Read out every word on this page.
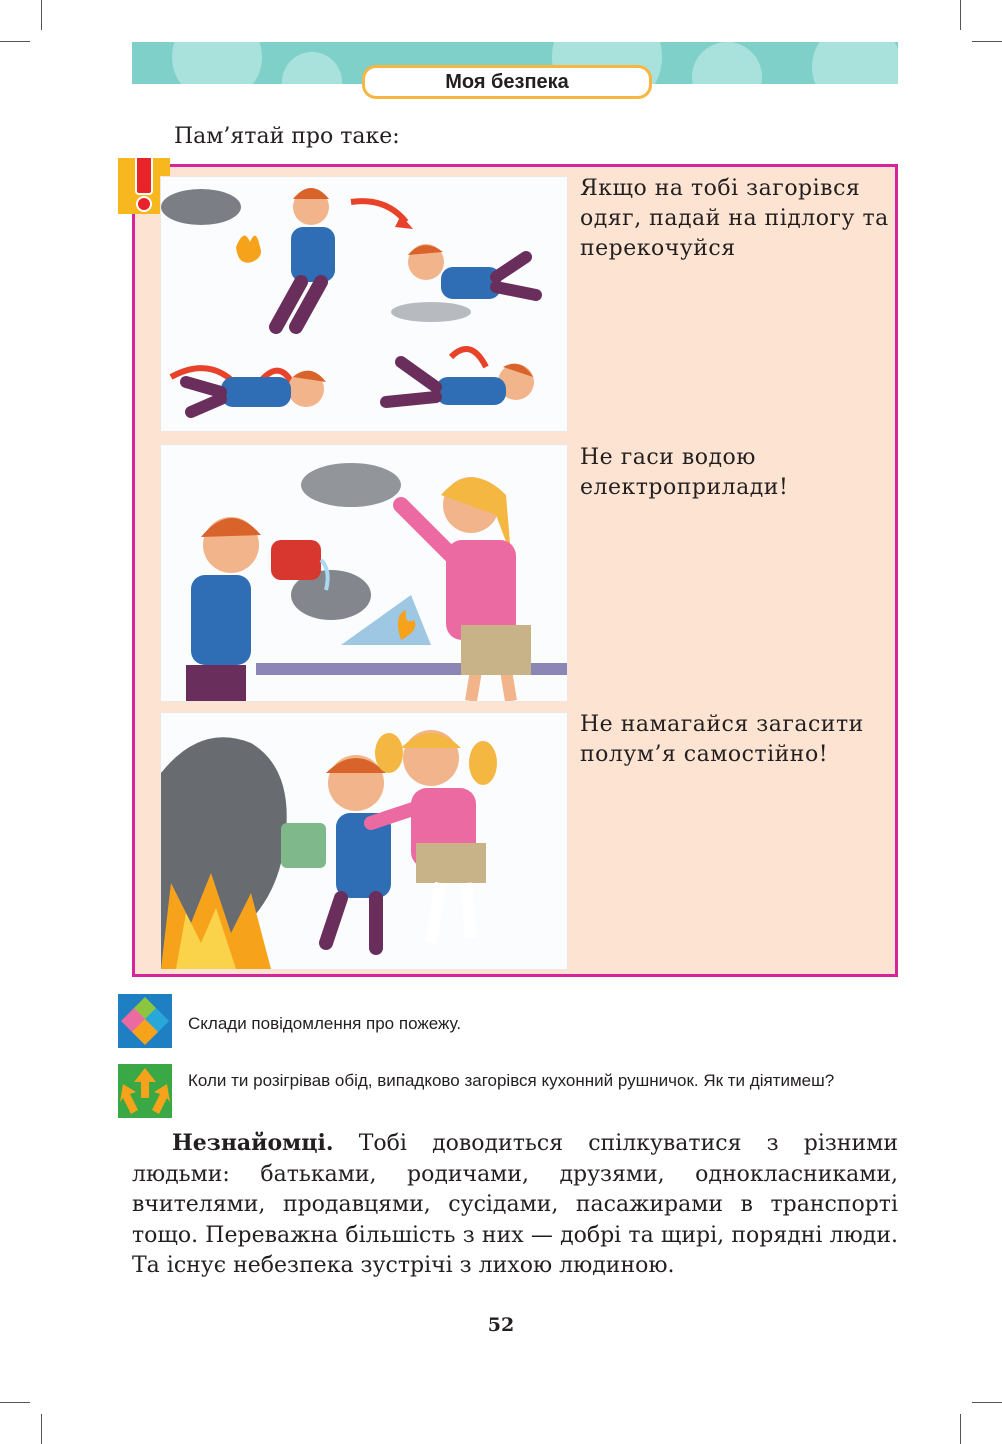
Моя безпека
Пам’ятай про таке:
Якщо на тобі загорівся одяг, падай на підлогу та перекочуйся
Не гаси водою електроприлади!
Не намагайся загасити полум’я самостійно!
Склади повідомлення про пожежу.
Коли ти розігрівав обід, випадково загорівся кухонний рушничок. Як ти діятимеш?
Незнайомці. Тобі доводиться спілкуватися з різними людьми: батьками, родичами, друзями, однокласниками, вчителями, продавцями, сусідами, пасажирами в транспорті тощо. Переважна більшість з них — добрі та щирі, порядні люди. Та існує небезпека зустрічі з лихою людиною.
52
